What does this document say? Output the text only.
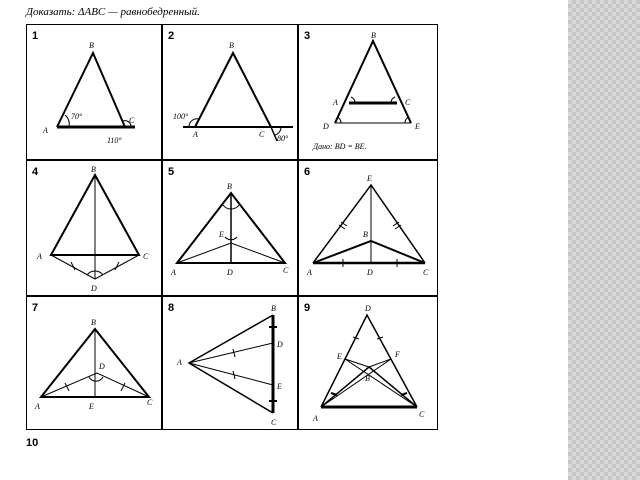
Доказать: ΔABC — равнобедренный.
1
B
A
C
70°
110°
2
B
A	C
100°
80°
3	B
A	C
D	E
Дано: BD = BE.
4	B
A	C
D
5
B
A	C
D
E
6
E
B
A	C
D
7
B
A	C
D
E
8
A
B
C
D
E
9	D
E	F
B
A	C
10
